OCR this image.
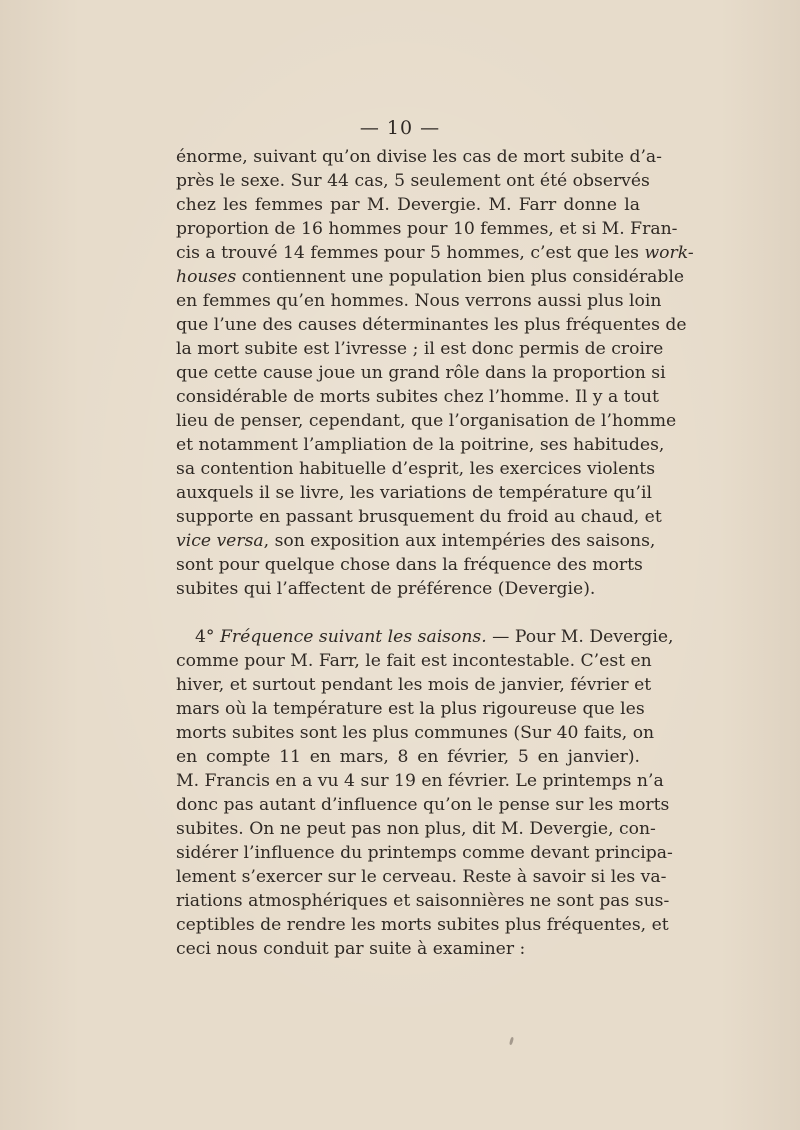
— 10 —
énorme, suivant qu’on divise les cas de mort subite d’a-
près le sexe. Sur 44 cas, 5 seulement ont été observés
chez les femmes par M. Devergie. M. Farr donne la
proportion de 16 hommes pour 10 femmes, et si M. Fran-
cis a trouvé 14 femmes pour 5 hommes, c’est que les work-
houses contiennent une population bien plus considérable
en femmes qu’en hommes. Nous verrons aussi plus loin
que l’une des causes déterminantes les plus fréquentes de
la mort subite est l’ivresse ; il est donc permis de croire
que cette cause joue un grand rôle dans la proportion si
considérable de morts subites chez l’homme. Il y a tout
lieu de penser, cependant, que l’organisation de l’homme
et notamment l’ampliation de la poitrine, ses habitudes,
sa contention habituelle d’esprit, les exercices violents
auxquels il se livre, les variations de température qu’il
supporte en passant brusquement du froid au chaud, et
vice versa, son exposition aux intempéries des saisons,
sont pour quelque chose dans la fréquence des morts
subites qui l’affectent de préférence (Devergie).
4° Fréquence suivant les saisons. — Pour M. Devergie,
comme pour M. Farr, le fait est incontestable. C’est en
hiver, et surtout pendant les mois de janvier, février et
mars où la température est la plus rigoureuse que les
morts subites sont les plus communes (Sur 40 faits, on
en compte 11 en mars, 8 en février, 5 en janvier).
M. Francis en a vu 4 sur 19 en février. Le printemps n’a
donc pas autant d’influence qu’on le pense sur les morts
subites. On ne peut pas non plus, dit M. Devergie, con-
sidérer l’influence du printemps comme devant principa-
lement s’exercer sur le cerveau. Reste à savoir si les va-
riations atmosphériques et saisonnières ne sont pas sus-
ceptibles de rendre les morts subites plus fréquentes, et
ceci nous conduit par suite à examiner :
